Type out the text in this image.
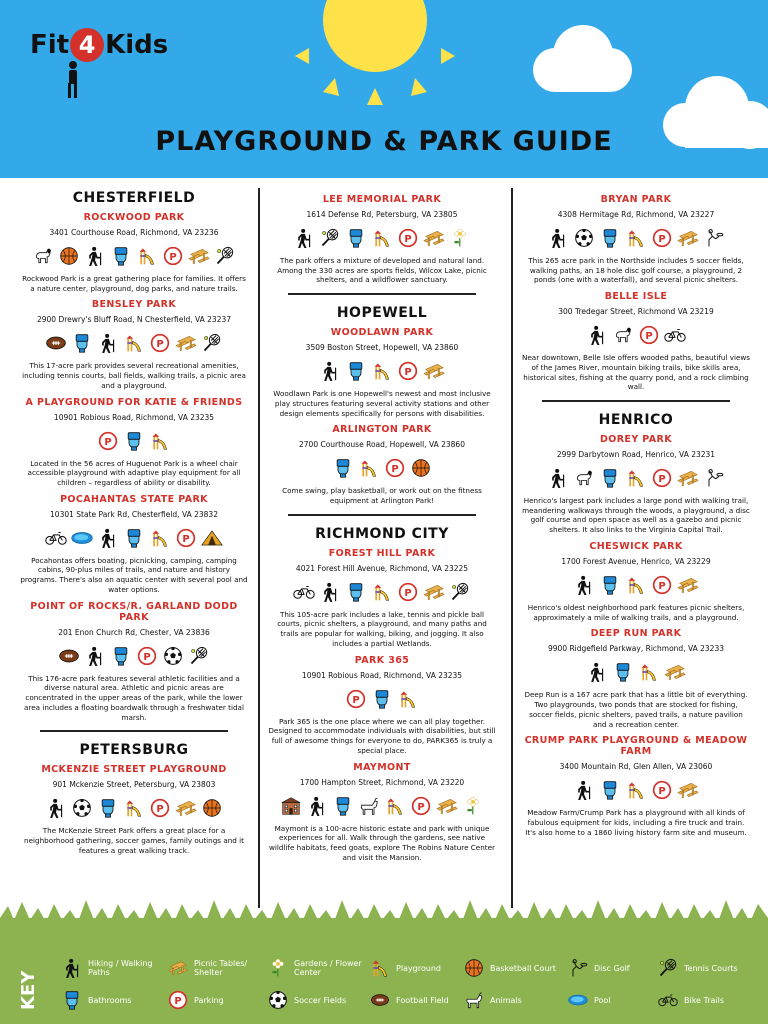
Fit 4 Kids
PLAYGROUND & PARK GUIDE
CHESTERFIELD
ROCKWOOD PARK
3401 Courthouse Road, Richmond, VA 23236
P
Rockwood Park is a great gathering place for families. It offers a nature center, playground, dog parks, and nature trails.
BENSLEY PARK
2900 Drewry's Bluff Road, N Chesterfield, VA 23237
P
This 17-acre park provides several recreational amenities, including tennis courts, ball fields, walking trails, a picnic area and a playground.
A PLAYGROUND FOR KATIE & FRIENDS
10901 Robious Road, Richmond, VA 23235
P
Located in the 56 acres of Huguenot Park is a wheel chair accessible playground with adaptive play equipment for all children – regardless of ability or disability.
POCAHANTAS STATE PARK
10301 State Park Rd, Chesterfield, VA 23832
P
Pocahontas offers boating, picnicking, camping, camping cabins, 90-plus miles of trails, and nature and history programs. There's also an aquatic center with several pool and water options.
POINT OF ROCKS/R. GARLAND DODD PARK
201 Enon Church Rd, Chester, VA 23836
P
This 176-acre park features several athletic facilities and a diverse natural area. Athletic and picnic areas are concentrated in the upper areas of the park, while the lower area includes a floating boardwalk through a freshwater tidal marsh.
PETERSBURG
MCKENZIE STREET PLAYGROUND
901 Mckenzie Street, Petersburg, VA 23803
P
The McKenzie Street Park offers a great place for a neighborhood gathering, soccer games, family outings and it features a great walking track.
LEE MEMORIAL PARK
1614 Defense Rd, Petersburg, VA 23805
P
The park offers a mixture of developed and natural land. Among the 330 acres are sports fields, Wilcox Lake, picnic shelters, and a wildflower sanctuary.
HOPEWELL
WOODLAWN PARK
3509 Boston Street, Hopewell, VA 23860
P
Woodlawn Park is one Hopewell's newest and most inclusive play structures featuring several activity stations and other design elements specifically for persons with disabilities.
ARLINGTON PARK
2700 Courthouse Road, Hopewell, VA 23860
P
Come swing, play basketball, or work out on the fitness equipment at Arlington Park!
RICHMOND CITY
FOREST HILL PARK
4021 Forest Hill Avenue, Richmond, VA 23225
P
This 105-acre park includes a lake, tennis and pickle ball courts, picnic shelters, a playground, and many paths and trails are popular for walking, biking, and jogging. It also includes a partial Wetlands.
PARK 365
10901 Robious Road, Richmond, VA 23235
P
Park 365 is the one place where we can all play together. Designed to accommodate individuals with disabilities, but still full of awesome things for everyone to do, PARK365 is truly a special place.
MAYMONT
1700 Hampton Street, Richmond, VA 23220
P
Maymont is a 100-acre historic estate and park with unique experiences for all. Walk through the gardens, see native wildlife habitats, feed goats, explore The Robins Nature Center and visit the Mansion.
BRYAN PARK
4308 Hermitage Rd, Richmond, VA 23227
P
This 265 acre park in the Northside includes 5 soccer fields, walking paths, an 18 hole disc golf course, a playground, 2 ponds (one with a waterfall), and several picnic shelters.
BELLE ISLE
300 Tredegar Street, Richmond VA 23219
P
Near downtown, Belle Isle offers wooded paths, beautiful views of the James River, mountain biking trails, bike skills area, historical sites, fishing at the quarry pond, and a rock climbing wall.
HENRICO
DOREY PARK
2999 Darbytown Road, Henrico, VA 23231
P
Henrico's largest park includes a large pond with walking trail, meandering walkways through the woods, a playground, a disc golf course and open space as well as a gazebo and picnic shelters. It also links to the Virginia Capital Trail.
CHESWICK PARK
1700 Forest Avenue, Henrico, VA 23229
P
Henrico's oldest neighborhood park features picnic shelters, approximately a mile of walking trails, and a playground.
DEEP RUN PARK
9900 Ridgefield Parkway, Richmond, VA 23233
Deep Run is a 167 acre park that has a little bit of everything. Two playgrounds, two ponds that are stocked for fishing, soccer fields, picnic shelters, paved trails, a nature pavilion and a recreation center.
CRUMP PARK PLAYGROUND & MEADOW FARM
3400 Mountain Rd, Glen Allen, VA 23060
P
Meadow Farm/Crump Park has a playground with all kinds of fabulous equipment for kids, including a fire truck and train. It's also home to a 1860 living history farm site and museum.
KEY
Hiking / Walking Paths
Picnic Tables/ Shelter
Gardens / Flower Center	Playground	Basketball Court	Disc Golf	Tennis Courts
Bathrooms	P Parking	Soccer Fields	Football Field	Animals	Pool	Bike Trails
